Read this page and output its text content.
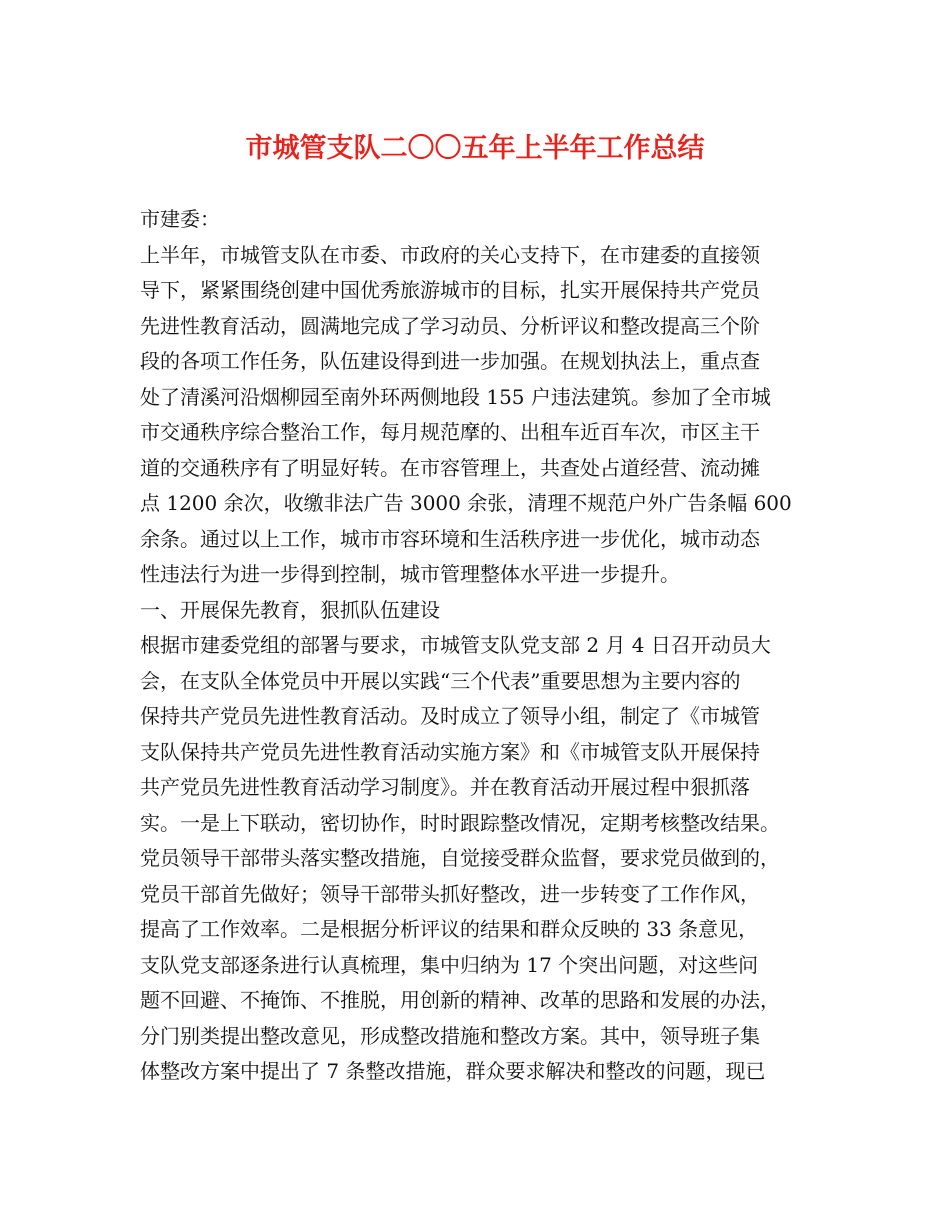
市城管支队二〇〇五年上半年工作总结
市建委：
上半年，市城管支队在市委、市政府的关心支持下，在市建委的直接领
导下，紧紧围绕创建中国优秀旅游城市的目标，扎实开展保持共产党员
先进性教育活动，圆满地完成了学习动员、分析评议和整改提高三个阶
段的各项工作任务，队伍建设得到进一步加强。在规划执法上，重点查
处了清溪河沿烟柳园至南外环两侧地段 155 户违法建筑。参加了全市城
市交通秩序综合整治工作，每月规范摩的、出租车近百车次，市区主干
道的交通秩序有了明显好转。在市容管理上，共查处占道经营、流动摊
点 1200 余次，收缴非法广告 3000 余张，清理不规范户外广告条幅 600
余条。通过以上工作，城市市容环境和生活秩序进一步优化，城市动态
性违法行为进一步得到控制，城市管理整体水平进一步提升。
一、开展保先教育，狠抓队伍建设
根据市建委党组的部署与要求，市城管支队党支部 2 月 4 日召开动员大
会，在支队全体党员中开展以实践“三个代表”重要思想为主要内容的
保持共产党员先进性教育活动。及时成立了领导小组，制定了《市城管
支队保持共产党员先进性教育活动实施方案》和《市城管支队开展保持
共产党员先进性教育活动学习制度》。并在教育活动开展过程中狠抓落
实。一是上下联动，密切协作，时时跟踪整改情况，定期考核整改结果。
党员领导干部带头落实整改措施，自觉接受群众监督，要求党员做到的，
党员干部首先做好；领导干部带头抓好整改，进一步转变了工作作风，
提高了工作效率。二是根据分析评议的结果和群众反映的 33 条意见，
支队党支部逐条进行认真梳理，集中归纳为 17 个突出问题，对这些问
题不回避、不掩饰、不推脱，用创新的精神、改革的思路和发展的办法，
分门别类提出整改意见，形成整改措施和整改方案。其中，领导班子集
体整改方案中提出了 7 条整改措施，群众要求解决和整改的问题，现已
